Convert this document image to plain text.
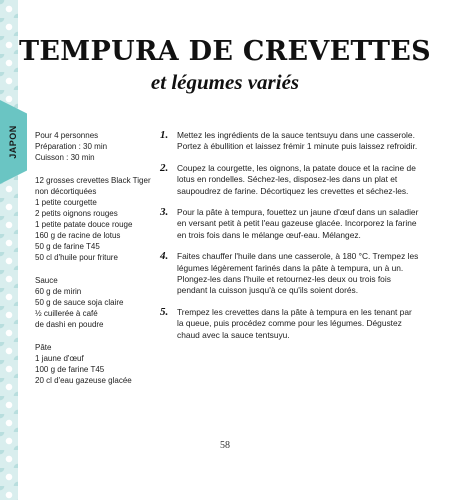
JAPON
TEMPURA DE CREVETTES
et légumes variés
Pour 4 personnes
Préparation : 30 min
Cuisson : 30 min
12 grosses crevettes Black Tiger
non décortiquées
1 petite courgette
2 petits oignons rouges
1 petite patate douce rouge
160 g de racine de lotus
50 g de farine T45
50 cl d'huile pour friture
Sauce
60 g de mirin
50 g de sauce soja claire
½ cuillerée à café
de dashi en poudre
Pâte
1 jaune d'œuf
100 g de farine T45
20 cl d'eau gazeuse glacée
1. Mettez les ingrédients de la sauce tentsuyu dans une casserole. Portez à ébullition et laissez frémir 1 minute puis laissez refroidir.
2. Coupez la courgette, les oignons, la patate douce et la racine de lotus en rondelles. Séchez-les, disposez-les dans un plat et saupoudrez de farine. Décortiquez les crevettes et séchez-les.
3. Pour la pâte à tempura, fouettez un jaune d'œuf dans un saladier en versant petit à petit l'eau gazeuse glacée. Incorporez la farine en trois fois dans le mélange œuf-eau. Mélangez.
4. Faites chauffer l'huile dans une casserole, à 180 °C. Trempez les légumes légèrement farinés dans la pâte à tempura, un à un. Plongez-les dans l'huile et retournez-les deux ou trois fois pendant la cuisson jusqu'à ce qu'ils soient dorés.
5. Trempez les crevettes dans la pâte à tempura en les tenant par la queue, puis procédez comme pour les légumes. Dégustez chaud avec la sauce tentsuyu.
58
